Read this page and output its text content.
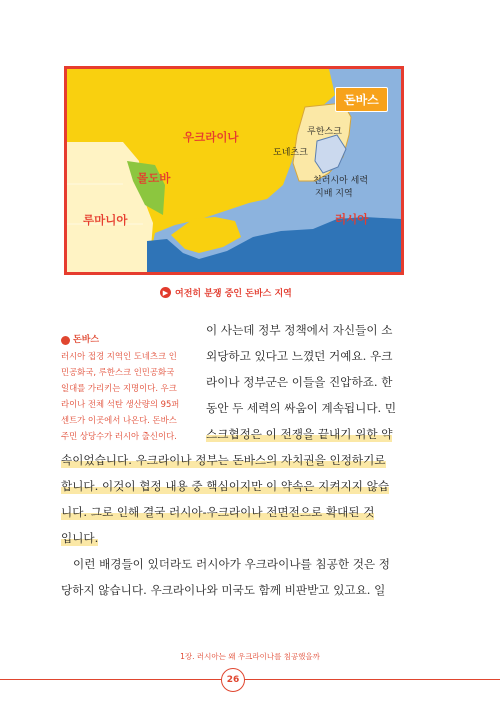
우크라이나
몰도바
루마니아	러시아
루한스크
도네츠크
친러시아 세력
지배 지역
돈바스
▶ 여전히 분쟁 중인 돈바스 지역
돈바스
러시아 접경 지역인 도네츠크 인
민공화국, 루한스크 인민공화국
일대를 가리키는 지명이다. 우크
라이나 전체 석탄 생산량의 95퍼
센트가 이곳에서 나온다. 돈바스
주민 상당수가 러시아 출신이다.
이 사는데 정부 정책에서 자신들이 소
외당하고 있다고 느꼈던 거예요. 우크
라이나 정부군은 이들을 진압하죠. 한
동안 두 세력의 싸움이 계속됩니다. 민
스크협정은 이 전쟁을 끝내기 위한 약
속이었습니다. 우크라이나 정부는 돈바스의 자치권을 인정하기로
합니다. 이것이 협정 내용 중 핵심이지만 이 약속은 지켜지지 않습
니다. 그로 인해 결국 러시아-우크라이나 전면전으로 확대된 것
입니다.
이런 배경들이 있더라도 러시아가 우크라이나를 침공한 것은 정
당하지 않습니다. 우크라이나와 미국도 함께 비판받고 있고요. 일
1장. 러시아는 왜 우크라이나를 침공했을까
26
